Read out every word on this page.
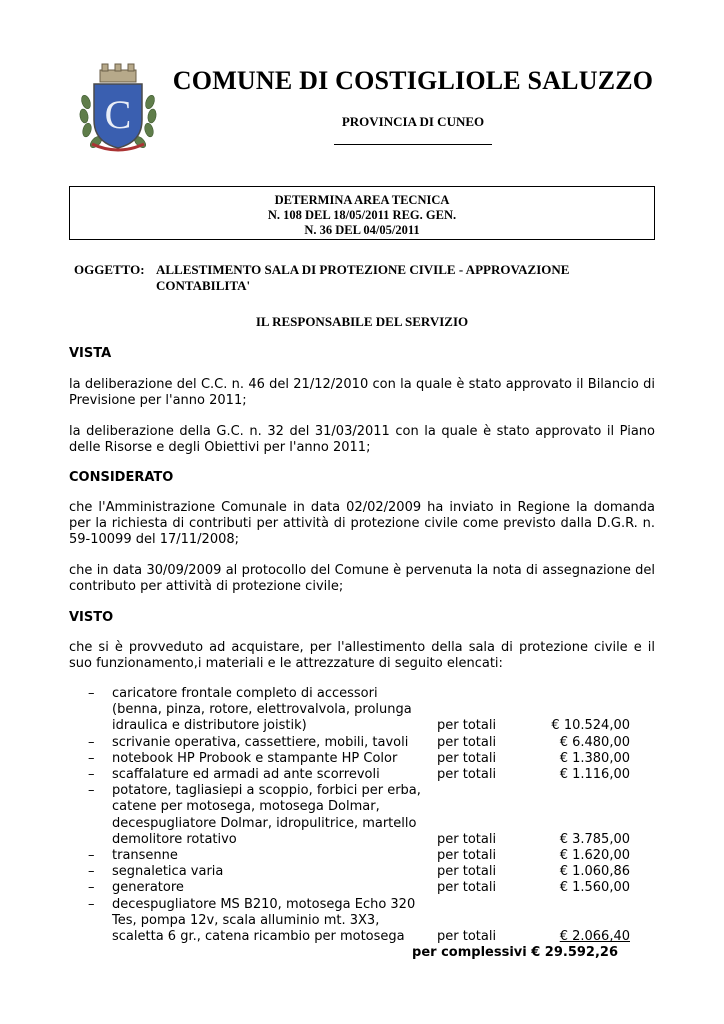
C
COMUNE DI COSTIGLIOLE SALUZZO
PROVINCIA DI CUNEO
DETERMINA AREA TECNICA
N. 108 DEL 18/05/2011 REG. GEN.
N. 36 DEL 04/05/2011
OGGETTO: ALLESTIMENTO SALA DI PROTEZIONE CIVILE - APPROVAZIONE
CONTABILITA'
IL RESPONSABILE DEL SERVIZIO
VISTA
la deliberazione del C.C. n. 46 del 21/12/2010 con la quale è stato approvato il Bilancio di Previsione per l'anno 2011;
la deliberazione della G.C. n. 32 del 31/03/2011 con la quale è stato approvato il Piano delle Risorse e degli Obiettivi per l'anno 2011;
CONSIDERATO
che l'Amministrazione Comunale in data 02/02/2009 ha inviato in Regione la domanda per la richiesta di contributi per attività di protezione civile come previsto dalla D.G.R. n. 59-10099 del 17/11/2008;
che in data 30/09/2009 al protocollo del Comune è pervenuta la nota di assegnazione del contributo per attività di protezione civile;
VISTO
che si è provveduto ad acquistare, per l'allestimento della sala di protezione civile e il suo funzionamento,i materiali e le attrezzature di seguito elencati:
– caricatore frontale completo di accessori (benna, pinza, rotore, elettrovalvola, prolunga idraulica e distributore joistik)	per totali	€ 10.524,00
– scrivanie operativa, cassettiere, mobili, tavoli	per totali	€ 6.480,00
– notebook HP Probook e stampante HP Color	per totali	€ 1.380,00
– scaffalature ed armadi ad ante scorrevoli	per totali	€ 1.116,00
– potatore, tagliasiepi a scoppio, forbici per erba, catene per motosega, motosega Dolmar, decespugliatore Dolmar, idropulitrice, martello demolitore rotativo	per totali	€ 3.785,00
– transenne	per totali	€ 1.620,00
– segnaletica varia	per totali	€ 1.060,86
– generatore	per totali	€ 1.560,00
– decespugliatore MS B210, motosega Echo 320 Tes, pompa 12v, scala alluminio mt. 3X3, scaletta 6 gr., catena ricambio per motosega	per totali	€ 2.066,40
per complessivi € 29.592,26
